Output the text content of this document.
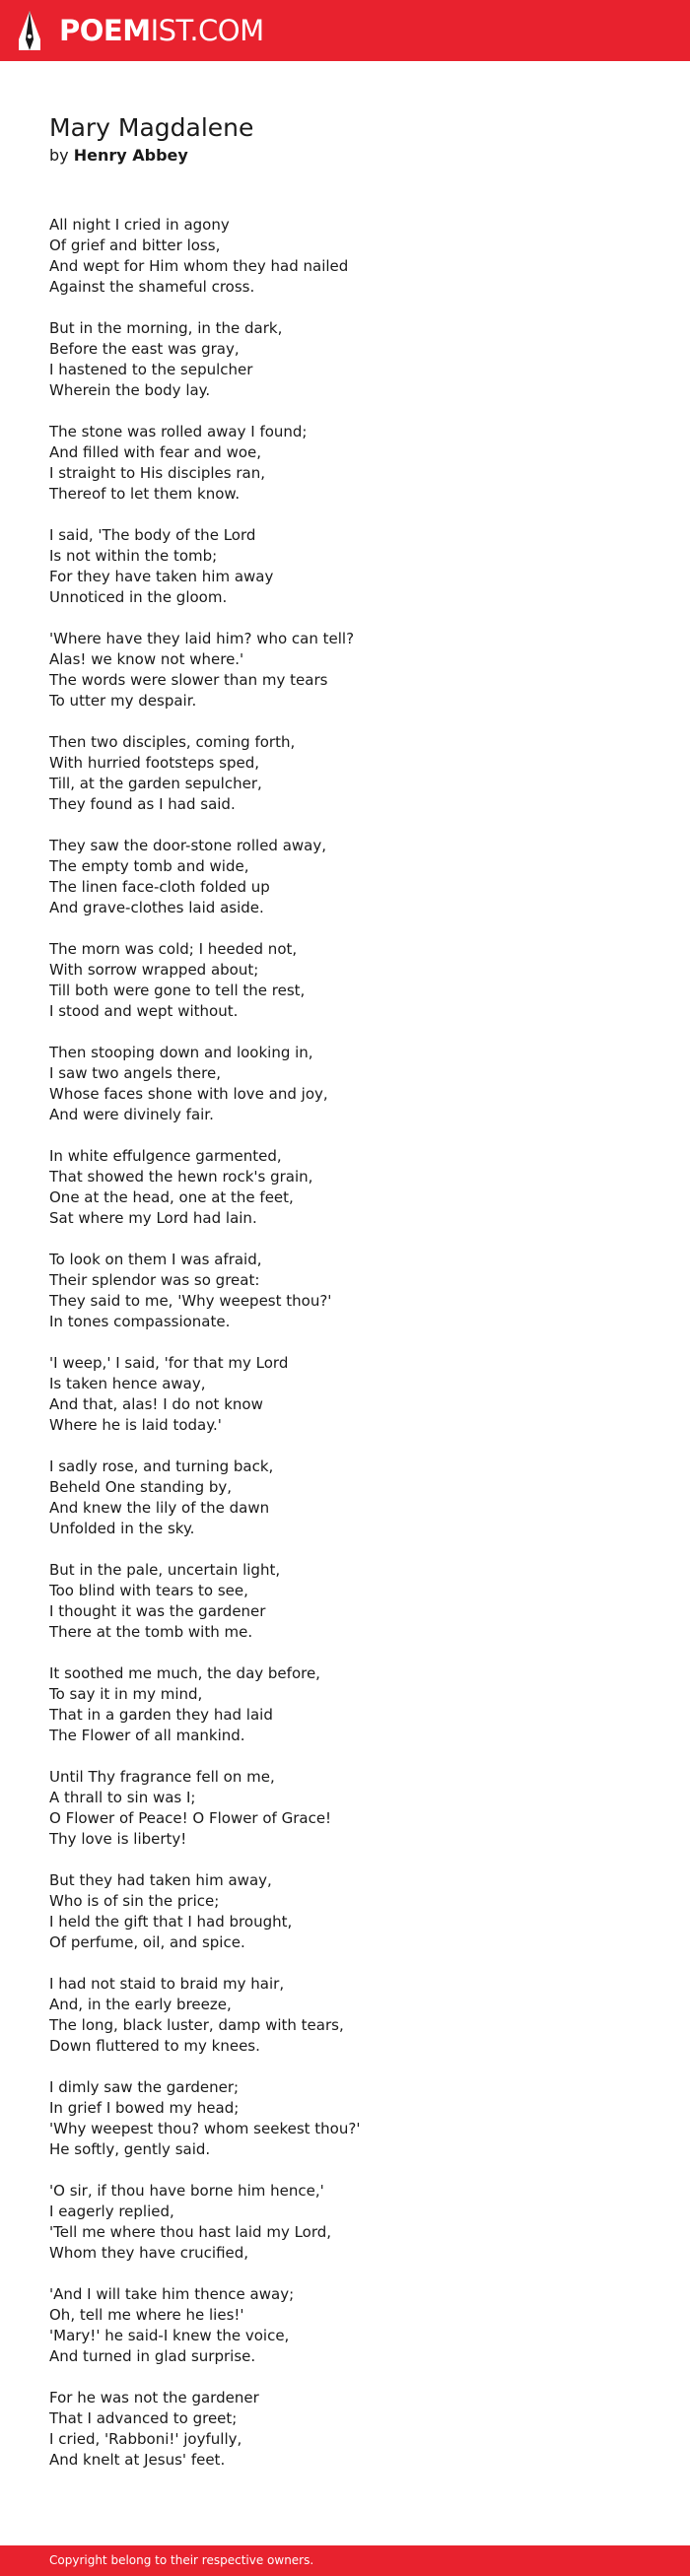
POEMIST.COM
Mary Magdalene
by Henry Abbey

All night I cried in agony
Of grief and bitter loss,
And wept for Him whom they had nailed
Against the shameful cross.

But in the morning, in the dark,
Before the east was gray,
I hastened to the sepulcher
Wherein the body lay.

The stone was rolled away I found;
And filled with fear and woe,
I straight to His disciples ran,
Thereof to let them know.

I said, 'The body of the Lord
Is not within the tomb;
For they have taken him away
Unnoticed in the gloom.

'Where have they laid him? who can tell?
Alas! we know not where.'
The words were slower than my tears
To utter my despair.

Then two disciples, coming forth,
With hurried footsteps sped,
Till, at the garden sepulcher,
They found as I had said.

They saw the door-stone rolled away,
The empty tomb and wide,
The linen face-cloth folded up
And grave-clothes laid aside.

The morn was cold; I heeded not,
With sorrow wrapped about;
Till both were gone to tell the rest,
I stood and wept without.

Then stooping down and looking in,
I saw two angels there,
Whose faces shone with love and joy,
And were divinely fair.

In white effulgence garmented,
That showed the hewn rock's grain,
One at the head, one at the feet,
Sat where my Lord had lain.

To look on them I was afraid,
Their splendor was so great:
They said to me, 'Why weepest thou?'
In tones compassionate.

'I weep,' I said, 'for that my Lord
Is taken hence away,
And that, alas! I do not know
Where he is laid today.'

I sadly rose, and turning back,
Beheld One standing by,
And knew the lily of the dawn
Unfolded in the sky.

But in the pale, uncertain light,
Too blind with tears to see,
I thought it was the gardener
There at the tomb with me.

It soothed me much, the day before,
To say it in my mind,
That in a garden they had laid
The Flower of all mankind.

Until Thy fragrance fell on me,
A thrall to sin was I;
O Flower of Peace! O Flower of Grace!
Thy love is liberty!

But they had taken him away,
Who is of sin the price;
I held the gift that I had brought,
Of perfume, oil, and spice.

I had not staid to braid my hair,
And, in the early breeze,
The long, black luster, damp with tears,
Down fluttered to my knees.

I dimly saw the gardener;
In grief I bowed my head;
'Why weepest thou? whom seekest thou?'
He softly, gently said.

'O sir, if thou have borne him hence,'
I eagerly replied,
'Tell me where thou hast laid my Lord,
Whom they have crucified,

'And I will take him thence away;
Oh, tell me where he lies!'
'Mary!' he said-I knew the voice,
And turned in glad surprise.

For he was not the gardener
That I advanced to greet;
I cried, 'Rabboni!' joyfully,
And knelt at Jesus' feet.

Copyright belong to their respective owners.
